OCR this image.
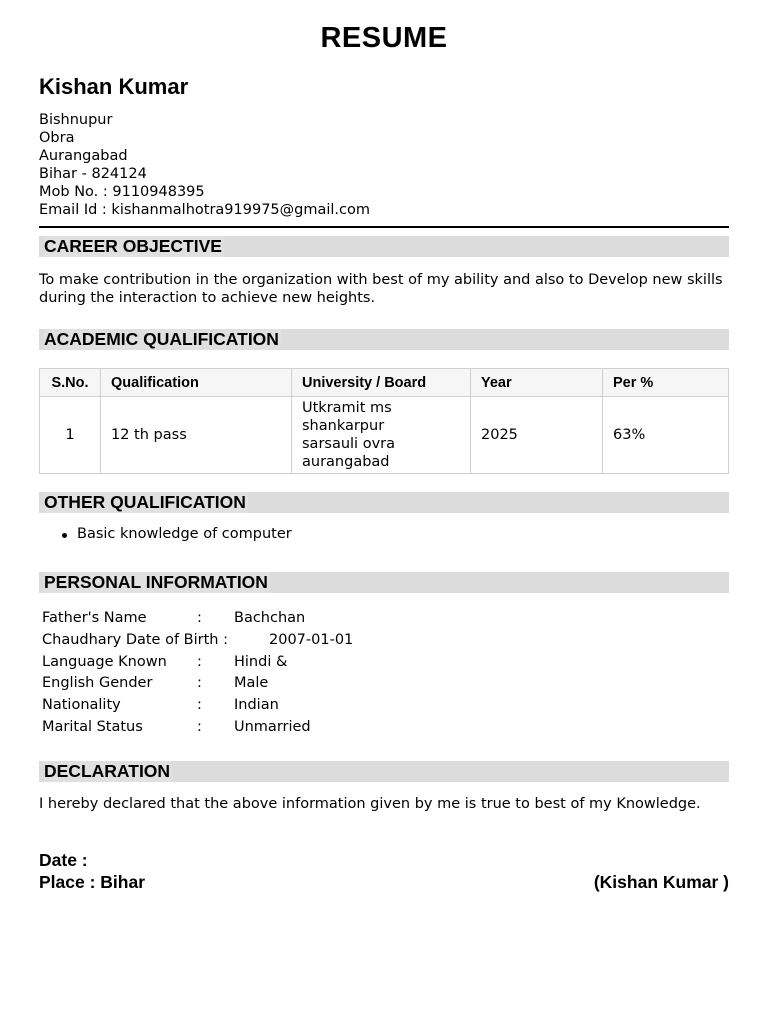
RESUME
Kishan Kumar
Bishnupur
Obra
Aurangabad
Bihar - 824124
Mob No. : 9110948395
Email Id : kishanmalhotra919975@gmail.com
CAREER OBJECTIVE
To make contribution in the organization with best of my ability and also to Develop new skills during the interaction to achieve new heights.
ACADEMIC QUALIFICATION
S.No.	Qualification	University / Board	Year	Per %
1	12 th pass	Utkramit ms
shankarpur
sarsauli ovra
aurangabad	2025	63%
OTHER QUALIFICATION
Basic knowledge of computer
PERSONAL INFORMATION
Father's Name	: Bachchan
Chaudhary Date of Birth :	2007-01-01
Language Known : Hindi &
English Gender	: Male
Nationality	: Indian
Marital Status	: Unmarried
DECLARATION
I hereby declared that the above information given by me is true to best of my Knowledge.
Date :
Place : Bihar	(Kishan Kumar )
